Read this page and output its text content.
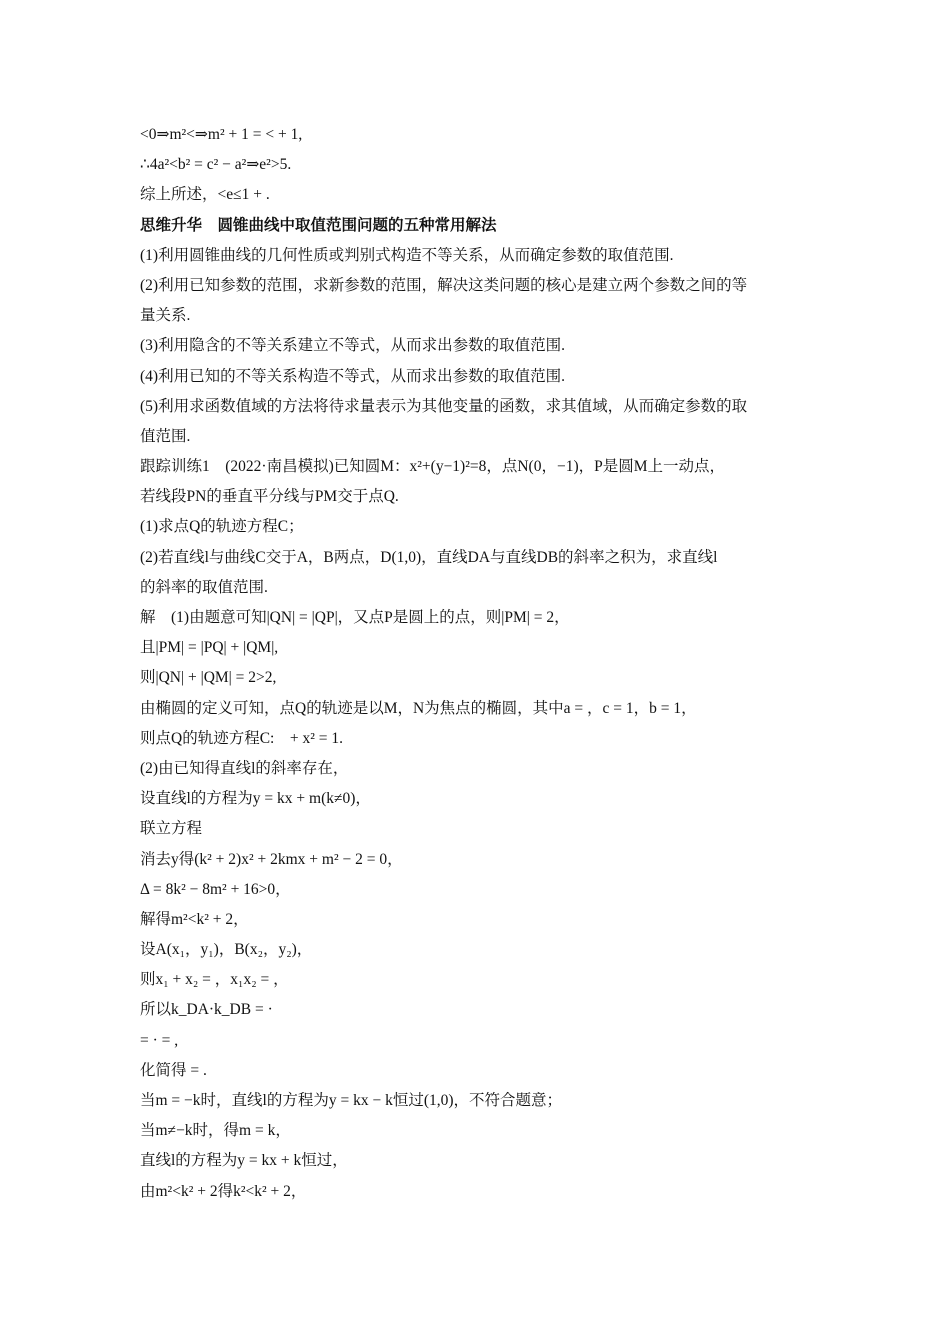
<0⇒m²<⇒m² + 1 = < + 1,
∴4a²<b² = c² − a²⇒e²>5.
综上所述，<e≤1 + .
思维升华　圆锥曲线中取值范围问题的五种常用解法
(1)利用圆锥曲线的几何性质或判别式构造不等关系，从而确定参数的取值范围.
(2)利用已知参数的范围，求新参数的范围，解决这类问题的核心是建立两个参数之间的等
量关系.
(3)利用隐含的不等关系建立不等式，从而求出参数的取值范围.
(4)利用已知的不等关系构造不等式，从而求出参数的取值范围.
(5)利用求函数值域的方法将待求量表示为其他变量的函数，求其值域，从而确定参数的取
值范围.
跟踪训练1　(2022·南昌模拟)已知圆M：x²+(y−1)²=8，点N(0，−1)，P是圆M上一动点，
若线段PN的垂直平分线与PM交于点Q.
(1)求点Q的轨迹方程C；
(2)若直线l与曲线C交于A，B两点，D(1,0)，直线DA与直线DB的斜率之积为，求直线l
的斜率的取值范围.
解　(1)由题意可知|QN| = |QP|，又点P是圆上的点，则|PM| = 2，
且|PM| = |PQ| + |QM|,
则|QN| + |QM| = 2>2,
由椭圆的定义可知，点Q的轨迹是以M，N为焦点的椭圆，其中a = ，c = 1，b = 1，
则点Q的轨迹方程C:　+ x² = 1.
(2)由已知得直线l的斜率存在，
设直线l的方程为y = kx + m(k≠0)，
联立方程
消去y得(k² + 2)x² + 2kmx + m² − 2 = 0，
Δ = 8k² − 8m² + 16>0，
解得m²<k² + 2，
设A(x₁，y₁)，B(x₂，y₂)，
则x₁ + x₂ = ，x₁x₂ = ，
所以k_DA·k_DB = ·
= · = ,
化简得 = .
当m = −k时，直线l的方程为y = kx − k恒过(1,0)，不符合题意；
当m≠−k时，得m = k，
直线l的方程为y = kx + k恒过，
由m²<k² + 2得k²<k² + 2，
